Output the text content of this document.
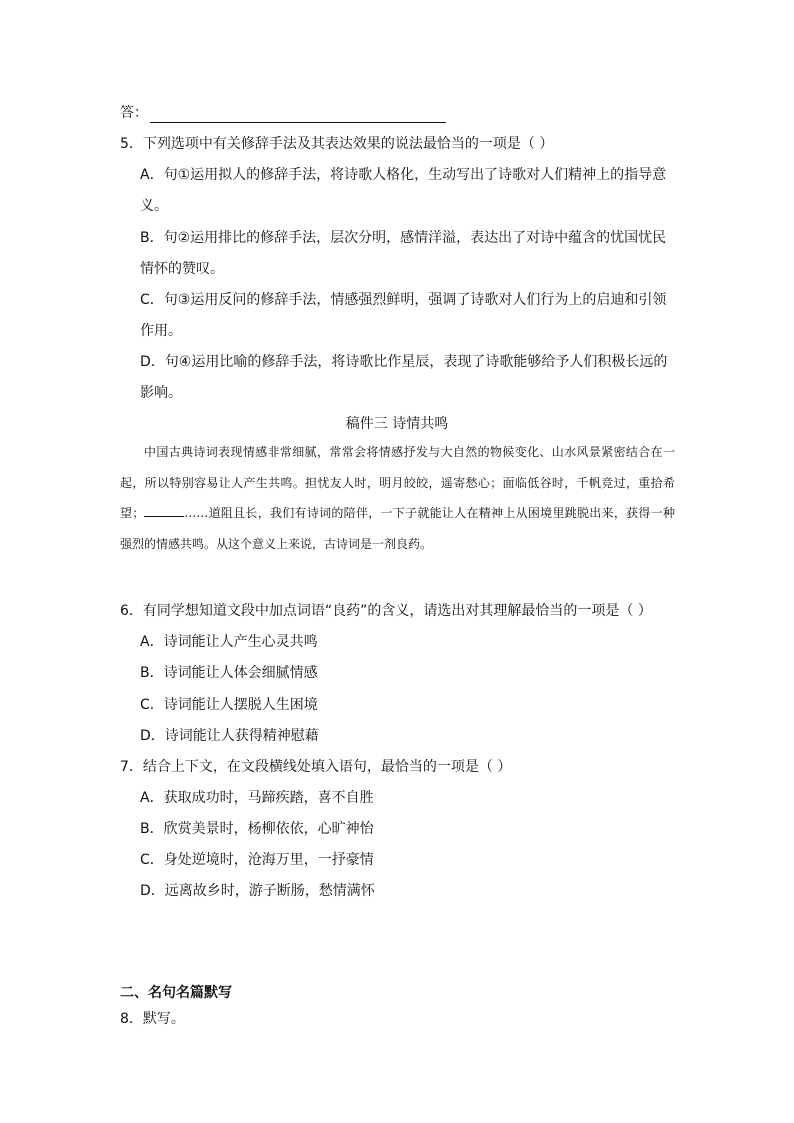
答：
5．下列选项中有关修辞手法及其表达效果的说法最恰当的一项是（ ）
A．句①运用拟人的修辞手法，将诗歌人格化，生动写出了诗歌对人们精神上的指导意
义。
B．句②运用排比的修辞手法，层次分明，感情洋溢，表达出了对诗中蕴含的忧国忧民
情怀的赞叹。
C．句③运用反问的修辞手法，情感强烈鲜明，强调了诗歌对人们行为上的启迪和引领
作用。
D．句④运用比喻的修辞手法，将诗歌比作星辰，表现了诗歌能够给予人们积极长远的
影响。
稿件三 诗情共鸣
中国古典诗词表现情感非常细腻，常常会将情感抒发与大自然的物候变化、山水风景紧密结合在一起，所以特别容易让人产生共鸣。担忧友人时，明月皎皎，遥寄愁心；面临低谷时，千帆竞过，重拾希望；	……道阻且长，我们有诗词的陪伴，一下子就能让人在精神上从困境里跳脱出来，获得一种强烈的情感共鸣。从这个意义上来说，古诗词是一剂良药。
6．有同学想知道文段中加点词语“良药”的含义，请选出对其理解最恰当的一项是（ ）
A．诗词能让人产生心灵共鸣
B．诗词能让人体会细腻情感
C．诗词能让人摆脱人生困境
D．诗词能让人获得精神慰藉
7．结合上下文，在文段横线处填入语句，最恰当的一项是（ ）
A．获取成功时，马蹄疾踏，喜不自胜
B．欣赏美景时，杨柳依依，心旷神怡
C．身处逆境时，沧海万里，一抒豪情
D．远离故乡时，游子断肠，愁情满怀
二、名句名篇默写
8．默写。
